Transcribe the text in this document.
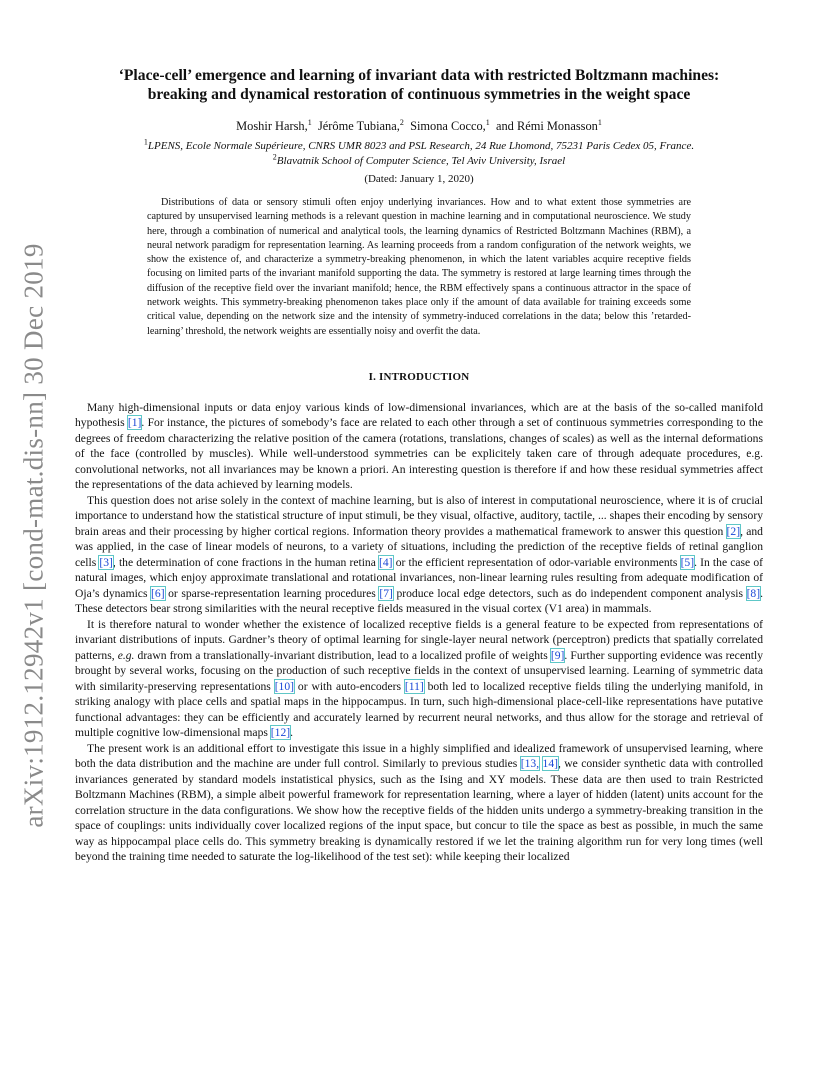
arXiv:1912.12942v1 [cond-mat.dis-nn] 30 Dec 2019
‘Place-cell’ emergence and learning of invariant data with restricted Boltzmann machines:
breaking and dynamical restoration of continuous symmetries in the weight space
Moshir Harsh,$^1$ Jérôme Tubiana,$^2$ Simona Cocco,$^1$ and Rémi Monasson$^1$
$^1$LPENS, Ecole Normale Supérieure, CNRS UMR 8023 and PSL Research, 24 Rue Lhomond, 75231 Paris Cedex 05, France.
$^2$Blavatnik School of Computer Science, Tel Aviv University, Israel
(Dated: January 1, 2020)

Distributions of data or sensory stimuli often enjoy underlying invariances. How and to what extent those symmetries are captured by unsupervised learning methods is a relevant question in machine learning and in computational neuroscience. We study here, through a combination of numerical and analytical tools, the learning dynamics of Restricted Boltzmann Machines (RBM), a neural network paradigm for representation learning. As learning proceeds from a random configuration of the network weights, we show the existence of, and characterize a symmetry-breaking phenomenon, in which the latent variables acquire receptive fields focusing on limited parts of the invariant manifold supporting the data. The symmetry is restored at large learning times through the diffusion of the receptive field over the invariant manifold; hence, the RBM effectively spans a continuous attractor in the space of network weights. This symmetry-breaking phenomenon takes place only if the amount of data available for training exceeds some critical value, depending on the network size and the intensity of symmetry-induced correlations in the data; below this ’retarded-learning’ threshold, the network weights are essentially noisy and overfit the data.

I. INTRODUCTION

Many high-dimensional inputs or data enjoy various kinds of low-dimensional invariances, which are at the basis of the so-called manifold hypothesis [1]. For instance, the pictures of somebody’s face are related to each other through a set of continuous symmetries corresponding to the degrees of freedom characterizing the relative position of the camera (rotations, translations, changes of scales) as well as the internal deformations of the face (controlled by muscles). While well-understood symmetries can be explicitely taken care of through adequate procedures, e.g. convolutional networks, not all invariances may be known a priori. An interesting question is therefore if and how these residual symmetries affect the representations of the data achieved by learning models.

This question does not arise solely in the context of machine learning, but is also of interest in computational neuroscience, where it is of crucial importance to understand how the statistical structure of input stimuli, be they visual, olfactive, auditory, tactile, ... shapes their encoding by sensory brain areas and their processing by higher cortical regions. Information theory provides a mathematical framework to answer this question [2], and was applied, in the case of linear models of neurons, to a variety of situations, including the prediction of the receptive fields of retinal ganglion cells [3], the determination of cone fractions in the human retina [4] or the efficient representation of odor-variable environments [5]. In the case of natural images, which enjoy approximate translational and rotational invariances, non-linear learning rules resulting from adequate modification of Oja’s dynamics [6] or sparse-representation learning procedures [7] produce local edge detectors, such as do independent component analysis [8]. These detectors bear strong similarities with the neural receptive fields measured in the visual cortex (V1 area) in mammals.

It is therefore natural to wonder whether the existence of localized receptive fields is a general feature to be expected from representations of invariant distributions of inputs. Gardner’s theory of optimal learning for single-layer neural network (perceptron) predicts that spatially correlated patterns, e.g. drawn from a translationally-invariant distribution, lead to a localized profile of weights [9]. Further supporting evidence was recently brought by several works, focusing on the production of such receptive fields in the context of unsupervised learning. Learning of symmetric data with similarity-preserving representations [10] or with auto-encoders [11] both led to localized receptive fields tiling the underlying manifold, in striking analogy with place cells and spatial maps in the hippocampus. In turn, such high-dimensional place-cell-like representations have putative functional advantages: they can be efficiently and accurately learned by recurrent neural networks, and thus allow for the storage and retrieval of multiple cognitive low-dimensional maps [12].

The present work is an additional effort to investigate this issue in a highly simplified and idealized framework of unsupervised learning, where both the data distribution and the machine are under full control. Similarly to previous studies [13, 14], we consider synthetic data with controlled invariances generated by standard models instatistical physics, such as the Ising and XY models. These data are then used to train Restricted Boltzmann Machines (RBM), a simple albeit powerful framework for representation learning, where a layer of hidden (latent) units account for the correlation structure in the data configurations. We show how the receptive fields of the hidden units undergo a symmetry-breaking transition in the space of couplings: units individually cover localized regions of the input space, but concur to tile the space as best as possible, in much the same way as hippocampal place cells do. This symmetry breaking is dynamically restored if we let the training algorithm run for very long times (well beyond the training time needed to saturate the log-likelihood of the test set): while keeping their localized
